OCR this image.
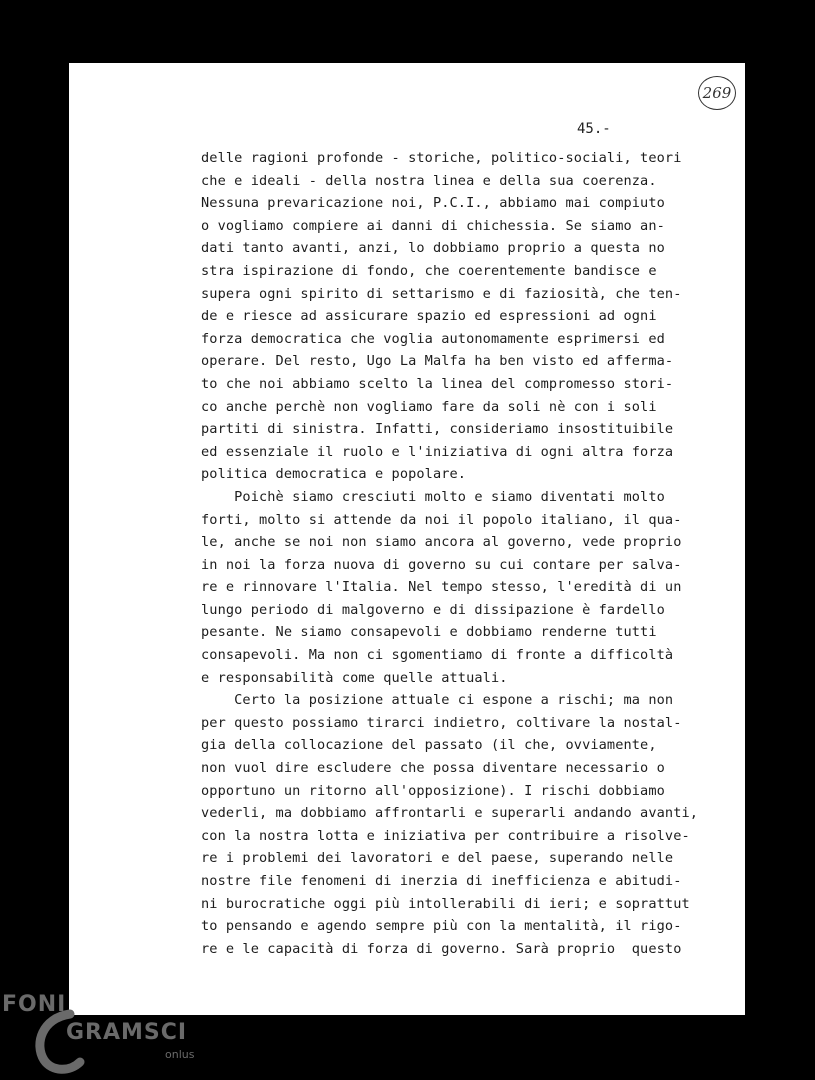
269
45.-
delle ragioni profonde - storiche, politico-sociali, teori
che e ideali - della nostra linea e della sua coerenza.
Nessuna prevaricazione noi, P.C.I., abbiamo mai compiuto
o vogliamo compiere ai danni di chichessia. Se siamo an-
dati tanto avanti, anzi, lo dobbiamo proprio a questa no
stra ispirazione di fondo, che coerentemente bandisce e
supera ogni spirito di settarismo e di faziosità, che ten-
de e riesce ad assicurare spazio ed espressioni ad ogni
forza democratica che voglia autonomamente esprimersi ed
operare. Del resto, Ugo La Malfa ha ben visto ed afferma-
to che noi abbiamo scelto la linea del compromesso stori-
co anche perchè non vogliamo fare da soli nè con i soli
partiti di sinistra. Infatti, consideriamo insostituibile
ed essenziale il ruolo e l'iniziativa di ogni altra forza
politica democratica e popolare.
Poichè siamo cresciuti molto e siamo diventati molto
forti, molto si attende da noi il popolo italiano, il qua-
le, anche se noi non siamo ancora al governo, vede proprio
in noi la forza nuova di governo su cui contare per salva-
re e rinnovare l'Italia. Nel tempo stesso, l'eredità di un
lungo periodo di malgoverno e di dissipazione è fardello
pesante. Ne siamo consapevoli e dobbiamo renderne tutti
consapevoli. Ma non ci sgomentiamo di fronte a difficoltà
e responsabilità come quelle attuali.
Certo la posizione attuale ci espone a rischi; ma non
per questo possiamo tirarci indietro, coltivare la nostal-
gia della collocazione del passato (il che, ovviamente,
non vuol dire escludere che possa diventare necessario o
opportuno un ritorno all'opposizione). I rischi dobbiamo
vederli, ma dobbiamo affrontarli e superarli andando avanti,
con la nostra lotta e iniziativa per contribuire a risolve-
re i problemi dei lavoratori e del paese, superando nelle
nostre file fenomeni di inerzia di inefficienza e abitudi-
ni burocratiche oggi più intollerabili di ieri; e soprattut
to pensando e agendo sempre più con la mentalità, il rigo-
re e le capacità di forza di governo. Sarà proprio  questo
FONI
GRAMSCI
onlus
